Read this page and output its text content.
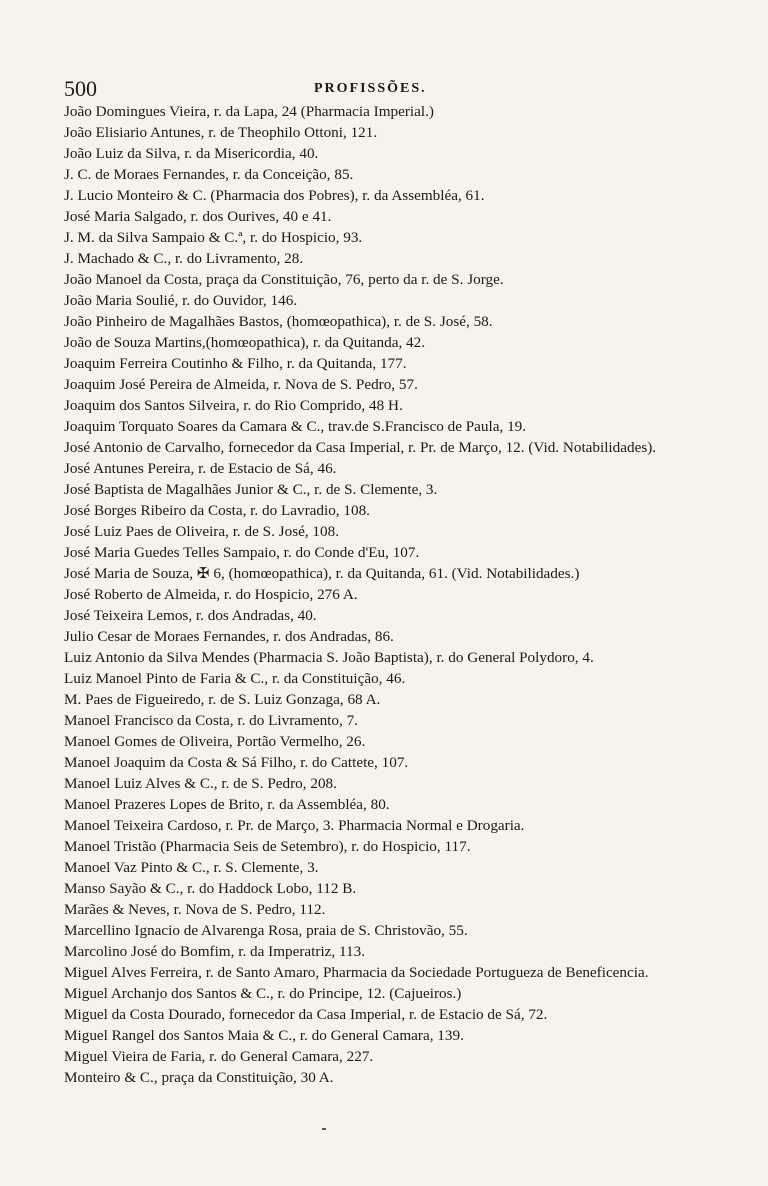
500	PROFISSÕES.
João Domingues Vieira, r. da Lapa, 24 (Pharmacia Imperial.)
João Elisiario Antunes, r. de Theophilo Ottoni, 121.
João Luiz da Silva, r. da Misericordia, 40.
J. C. de Moraes Fernandes, r. da Conceição, 85.
J. Lucio Monteiro & C. (Pharmacia dos Pobres), r. da Assembléa, 61.
José Maria Salgado, r. dos Ourives, 40 e 41.
J. M. da Silva Sampaio & C.ª, r. do Hospicio, 93.
J. Machado & C., r. do Livramento, 28.
João Manoel da Costa, praça da Constituição, 76, perto da r. de S. Jorge.
João Maria Soulié, r. do Ouvidor, 146.
João Pinheiro de Magalhães Bastos, (homœopathica), r. de S. José, 58.
João de Souza Martins,(homœopathica), r. da Quitanda, 42.
Joaquim Ferreira Coutinho & Filho, r. da Quitanda, 177.
Joaquim José Pereira de Almeida, r. Nova de S. Pedro, 57.
Joaquim dos Santos Silveira, r. do Rio Comprido, 48 H.
Joaquim Torquato Soares da Camara & C., trav.de S.Francisco de Paula, 19.
José Antonio de Carvalho, fornecedor da Casa Imperial, r. Pr. de Março, 12. (Vid. Notabilidades).
José Antunes Pereira, r. de Estacio de Sá, 46.
José Baptista de Magalhães Junior & C., r. de S. Clemente, 3.
José Borges Ribeiro da Costa, r. do Lavradio, 108.
José Luiz Paes de Oliveira, r. de S. José, 108.
José Maria Guedes Telles Sampaio, r. do Conde d'Eu, 107.
José Maria de Souza, ✠ 6, (homœopathica), r. da Quitanda, 61. (Vid. Notabilidades.)
José Roberto de Almeida, r. do Hospicio, 276 A.
José Teixeira Lemos, r. dos Andradas, 40.
Julio Cesar de Moraes Fernandes, r. dos Andradas, 86.
Luiz Antonio da Silva Mendes (Pharmacia S. João Baptista), r. do General Polydoro, 4.
Luiz Manoel Pinto de Faria & C., r. da Constituição, 46.
M. Paes de Figueiredo, r. de S. Luiz Gonzaga, 68 A.
Manoel Francisco da Costa, r. do Livramento, 7.
Manoel Gomes de Oliveira, Portão Vermelho, 26.
Manoel Joaquim da Costa & Sá Filho, r. do Cattete, 107.
Manoel Luiz Alves & C., r. de S. Pedro, 208.
Manoel Prazeres Lopes de Brito, r. da Assembléa, 80.
Manoel Teixeira Cardoso, r. Pr. de Março, 3. Pharmacia Normal e Drogaria.
Manoel Tristão (Pharmacia Seis de Setembro), r. do Hospicio, 117.
Manoel Vaz Pinto & C., r. S. Clemente, 3.
Manso Sayão & C., r. do Haddock Lobo, 112 B.
Marães & Neves, r. Nova de S. Pedro, 112.
Marcellino Ignacio de Alvarenga Rosa, praia de S. Christovão, 55.
Marcolino José do Bomfim, r. da Imperatriz, 113.
Miguel Alves Ferreira, r. de Santo Amaro, Pharmacia da Sociedade Portugueza de Beneficencia.
Miguel Archanjo dos Santos & C., r. do Principe, 12. (Cajueiros.)
Miguel da Costa Dourado, fornecedor da Casa Imperial, r. de Estacio de Sá, 72.
Miguel Rangel dos Santos Maia & C., r. do General Camara, 139.
Miguel Vieira de Faria, r. do General Camara, 227.
Monteiro & C., praça da Constituição, 30 A.
